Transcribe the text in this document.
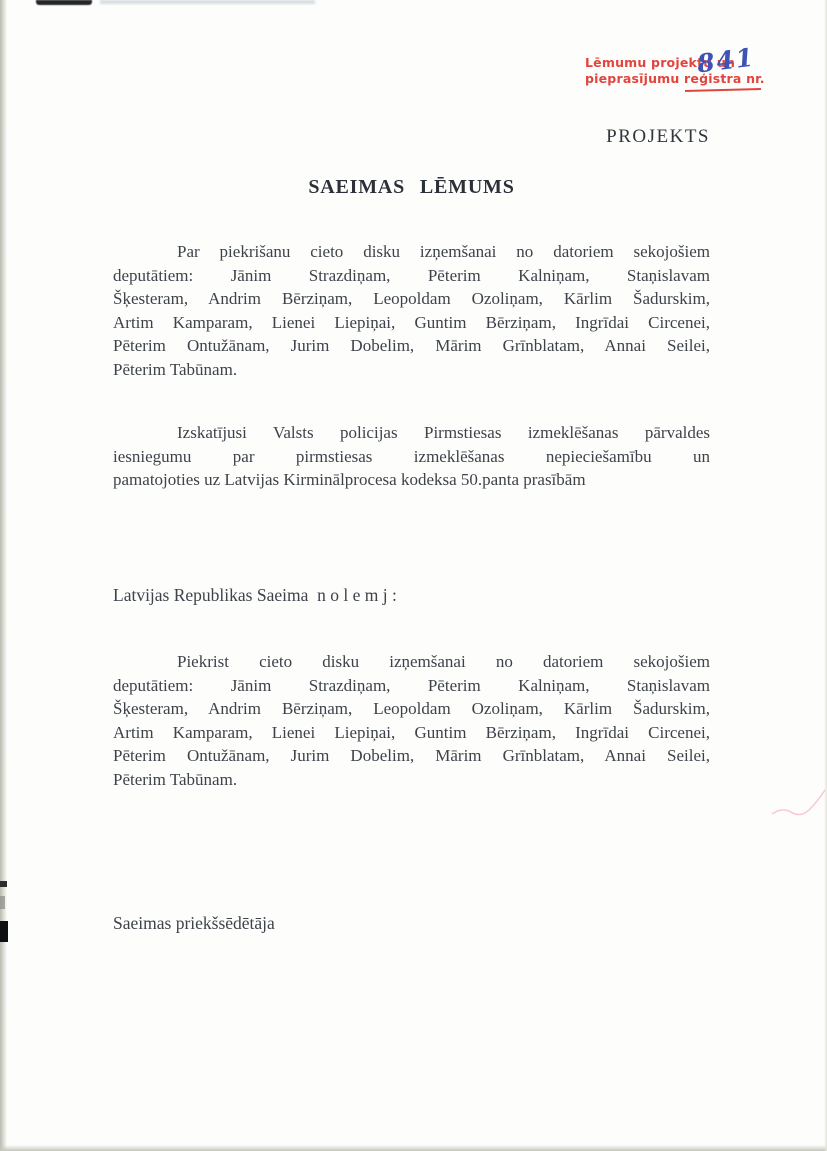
Lēmumu projektu un
pieprasījumu reģistra nr.
841
PROJEKTS
SAEIMAS LĒMUMS
Par piekrišanu cieto disku izņemšanai no datoriem sekojošiem
deputātiem: Jānim Strazdiņam, Pēterim Kalniņam, Staņislavam
Šķesteram, Andrim Bērziņam, Leopoldam Ozoliņam, Kārlim Šadurskim,
Artim Kamparam, Lienei Liepiņai, Guntim Bērziņam, Ingrīdai Circenei,
Pēterim Ontužānam, Jurim Dobelim, Mārim Grīnblatam, Annai Seilei,
Pēterim Tabūnam.
Izskatījusi Valsts policijas Pirmstiesas izmeklēšanas pārvaldes
iesniegumu par pirmstiesas izmeklēšanas nepieciešamību un
pamatojoties uz Latvijas Kirminālprocesa kodeksa 50.panta prasībām
Latvijas Republikas Saeima  n o l e m j :
Piekrist cieto disku izņemšanai no datoriem sekojošiem
deputātiem: Jānim Strazdiņam, Pēterim Kalniņam, Staņislavam
Šķesteram, Andrim Bērziņam, Leopoldam Ozoliņam, Kārlim Šadurskim,
Artim Kamparam, Lienei Liepiņai, Guntim Bērziņam, Ingrīdai Circenei,
Pēterim Ontužānam, Jurim Dobelim, Mārim Grīnblatam, Annai Seilei,
Pēterim Tabūnam.
Saeimas priekšsēdētāja
